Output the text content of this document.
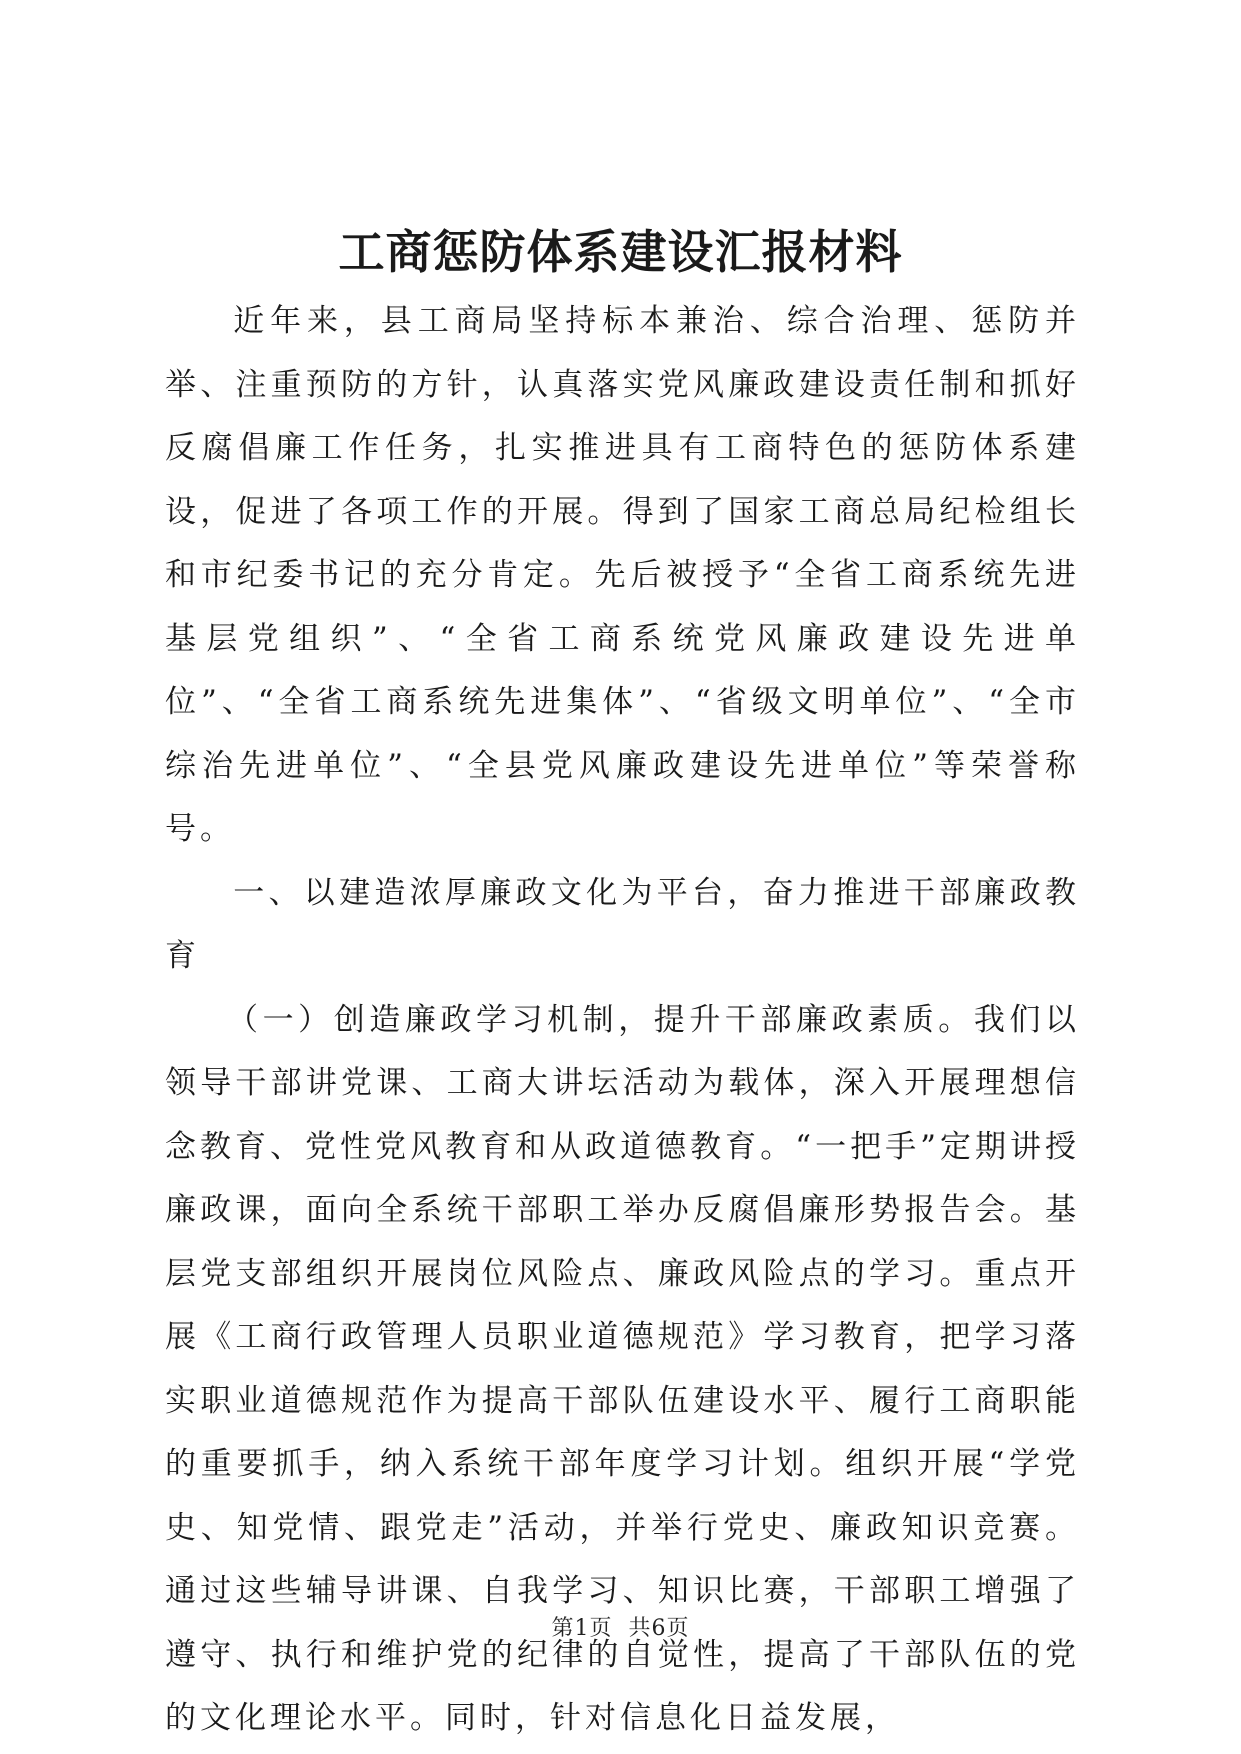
工商惩防体系建设汇报材料

近年来，县工商局坚持标本兼治、综合治理、惩防并举、注重预防的方针，认真落实党风廉政建设责任制和抓好反腐倡廉工作任务，扎实推进具有工商特色的惩防体系建设，促进了各项工作的开展。得到了国家工商总局纪检组长和市纪委书记的充分肯定。先后被授予“全省工商系统先进基层党组织”、“全省工商系统党风廉政建设先进单位”、“全省工商系统先进集体”、“省级文明单位”、“全市综治先进单位”、“全县党风廉政建设先进单位”等荣誉称号。

一、以建造浓厚廉政文化为平台，奋力推进干部廉政教育

（一）创造廉政学习机制，提升干部廉政素质。我们以领导干部讲党课、工商大讲坛活动为载体，深入开展理想信念教育、党性党风教育和从政道德教育。“一把手”定期讲授廉政课，面向全系统干部职工举办反腐倡廉形势报告会。基层党支部组织开展岗位风险点、廉政风险点的学习。重点开展《工商行政管理人员职业道德规范》学习教育，把学习落实职业道德规范作为提高干部队伍建设水平、履行工商职能的重要抓手，纳入系统干部年度学习计划。组织开展“学党史、知党情、跟党走”活动，并举行党史、廉政知识竞赛。通过这些辅导讲课、自我学习、知识比赛，干部职工增强了遵守、执行和维护党的纪律的自觉性，提高了干部队伍的党的文化理论水平。同时，针对信息化日益发展，

第1页  共6页
